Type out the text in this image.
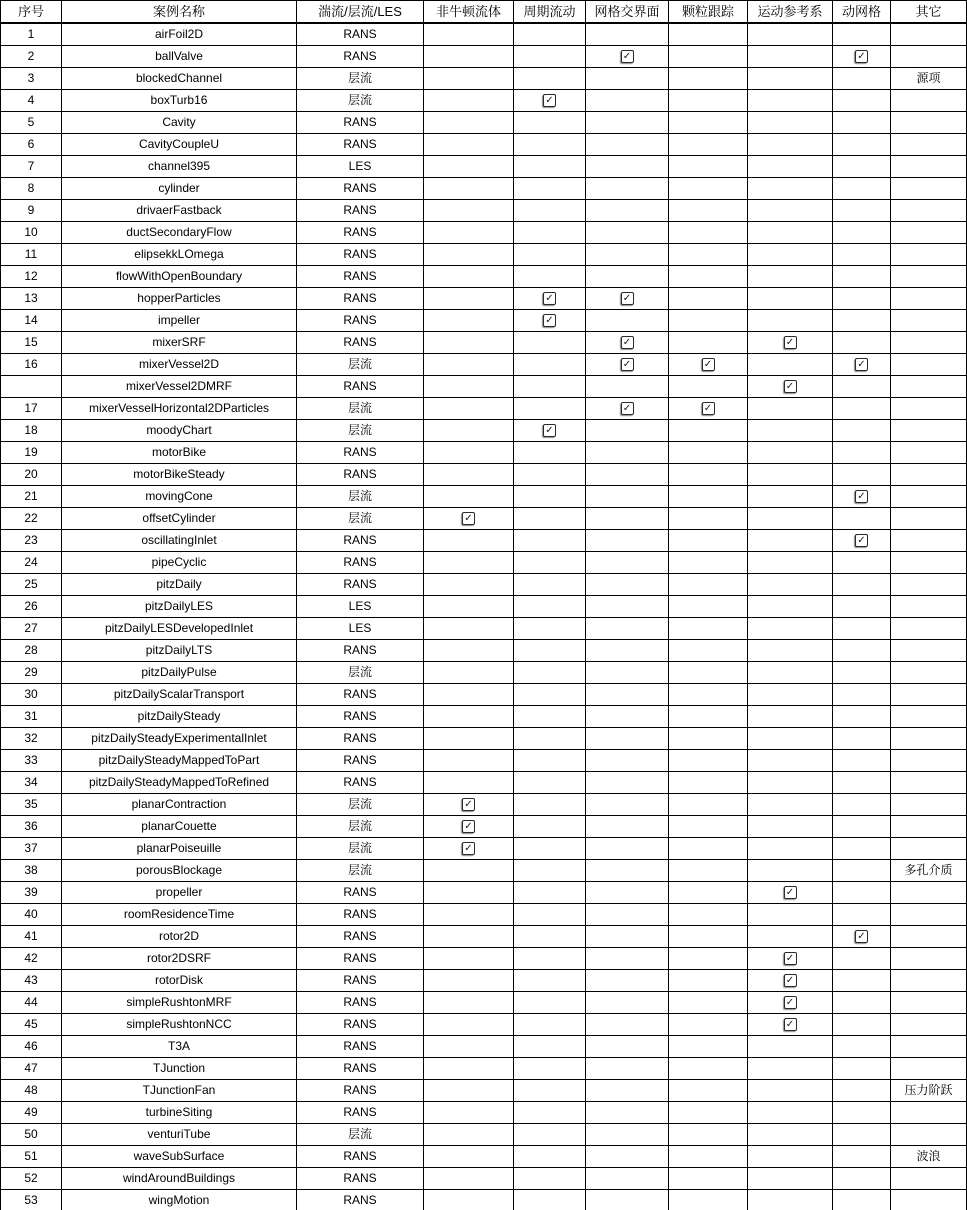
序号	案例名称	湍流/层流/LES	非牛顿流体	周期流动	网格交界面	颗粒跟踪	运动参考系	动网格	其它
1	airFoil2D	RANS							
2	ballValve	RANS			✓			✓	
3	blockedChannel	层流							源项
4	boxTurb16	层流		✓					
5	Cavity	RANS							
6	CavityCoupleU	RANS							
7	channel395	LES							
8	cylinder	RANS							
9	drivaerFastback	RANS							
10	ductSecondaryFlow	RANS							
11	elipsekkLOmega	RANS							
12	flowWithOpenBoundary	RANS							
13	hopperParticles	RANS		✓	✓				
14	impeller	RANS		✓					
15	mixerSRF	RANS			✓		✓		
16	mixerVessel2D	层流			✓	✓		✓	
	mixerVessel2DMRF	RANS					✓		
17	mixerVesselHorizontal2DParticles	层流			✓	✓			
18	moodyChart	层流		✓					
19	motorBike	RANS							
20	motorBikeSteady	RANS							
21	movingCone	层流						✓	
22	offsetCylinder	层流	✓						
23	oscillatingInlet	RANS						✓	
24	pipeCyclic	RANS							
25	pitzDaily	RANS							
26	pitzDailyLES	LES							
27	pitzDailyLESDevelopedInlet	LES							
28	pitzDailyLTS	RANS							
29	pitzDailyPulse	层流							
30	pitzDailyScalarTransport	RANS							
31	pitzDailySteady	RANS							
32	pitzDailySteadyExperimentalInlet	RANS							
33	pitzDailySteadyMappedToPart	RANS							
34	pitzDailySteadyMappedToRefined	RANS							
35	planarContraction	层流	✓						
36	planarCouette	层流	✓						
37	planarPoiseuille	层流	✓						
38	porousBlockage	层流							多孔介质
39	propeller	RANS					✓		
40	roomResidenceTime	RANS							
41	rotor2D	RANS						✓	
42	rotor2DSRF	RANS					✓		
43	rotorDisk	RANS					✓		
44	simpleRushtonMRF	RANS					✓		
45	simpleRushtonNCC	RANS					✓		
46	T3A	RANS							
47	TJunction	RANS							
48	TJunctionFan	RANS							压力阶跃
49	turbineSiting	RANS							
50	venturiTube	层流							
51	waveSubSurface	RANS							波浪
52	windAroundBuildings	RANS							
53	wingMotion	RANS							
